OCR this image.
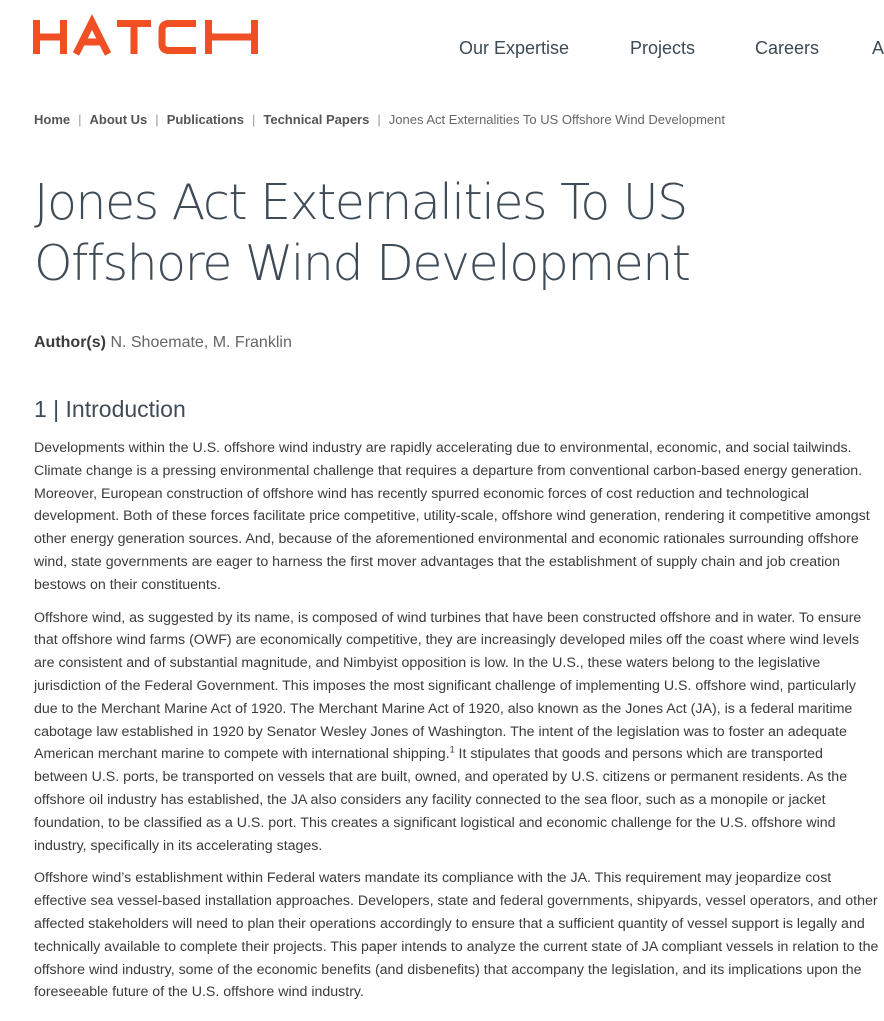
HATCH
Our Expertise	Projects	Careers	A
Home | About Us | Publications | Technical Papers | Jones Act Externalities To US Offshore Wind Development
Jones Act Externalities To US Offshore Wind Development
Author(s) N. Shoemate, M. Franklin
1 | Introduction

Developments within the U.S. offshore wind industry are rapidly accelerating due to environmental, economic, and social tailwinds. Climate change is a pressing environmental challenge that requires a departure from conventional carbon-based energy generation. Moreover, European construction of offshore wind has recently spurred economic forces of cost reduction and technological development. Both of these forces facilitate price competitive, utility-scale, offshore wind generation, rendering it competitive amongst other energy generation sources. And, because of the aforementioned environmental and economic rationales surrounding offshore wind, state governments are eager to harness the first mover advantages that the establishment of supply chain and job creation bestows on their constituents.

Offshore wind, as suggested by its name, is composed of wind turbines that have been constructed offshore and in water. To ensure that offshore wind farms (OWF) are economically competitive, they are increasingly developed miles off the coast where wind levels are consistent and of substantial magnitude, and Nimbyist opposition is low. In the U.S., these waters belong to the legislative jurisdiction of the Federal Government. This imposes the most significant challenge of implementing U.S. offshore wind, particularly due to the Merchant Marine Act of 1920. The Merchant Marine Act of 1920, also known as the Jones Act (JA), is a federal maritime cabotage law established in 1920 by Senator Wesley Jones of Washington. The intent of the legislation was to foster an adequate American merchant marine to compete with international shipping.$^1$ It stipulates that goods and persons which are transported between U.S. ports, be transported on vessels that are built, owned, and operated by U.S. citizens or permanent residents. As the offshore oil industry has established, the JA also considers any facility connected to the sea floor, such as a monopile or jacket foundation, to be classified as a U.S. port. This creates a significant logistical and economic challenge for the U.S. offshore wind industry, specifically in its accelerating stages.

Offshore wind’s establishment within Federal waters mandate its compliance with the JA. This requirement may jeopardize cost effective sea vessel-based installation approaches. Developers, state and federal governments, shipyards, vessel operators, and other affected stakeholders will need to plan their operations accordingly to ensure that a sufficient quantity of vessel support is legally and technically available to complete their projects. This paper intends to analyze the current state of JA compliant vessels in relation to the offshore wind industry, some of the economic benefits (and disbenefits) that accompany the legislation, and its implications upon the foreseeable future of the U.S. offshore wind industry.
